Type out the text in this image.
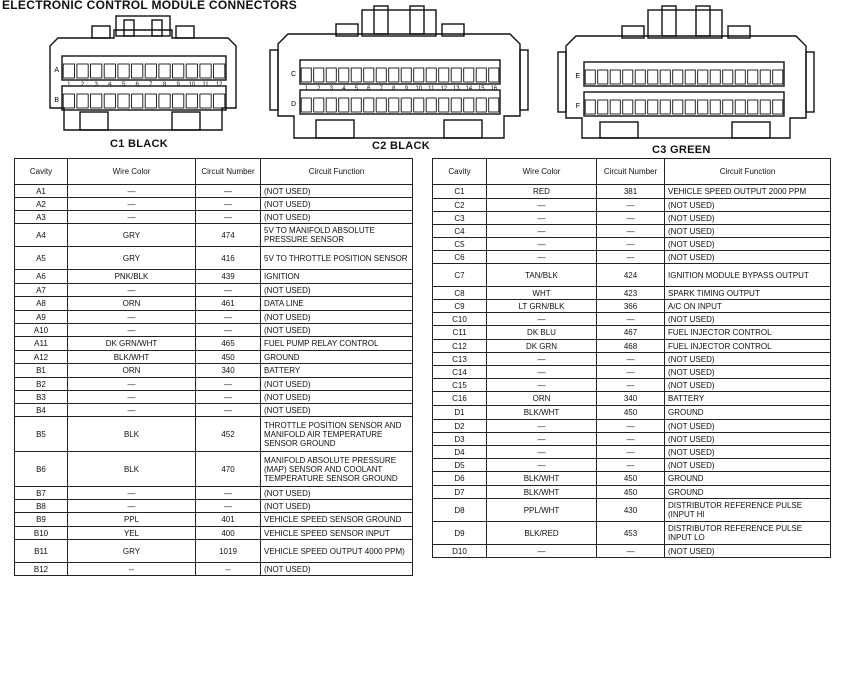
ELECTRONIC CONTROL MODULE CONNECTORS
1 2 3 4 5 6 7 8 9 10 11 12
A
B
C1 BLACK
1 2 3 4 5 6 7 8 9 10 11 12 13 14 15 16
C
D
C2 BLACK
E
F
C3 GREEN
Cavity	Wire Color	Circuit Number	Circuit Function
A1	—	—	(NOT USED)
A2	—	—	(NOT USED)
A3	—	—	(NOT USED)
A4	GRY	474	5V TO MANIFOLD ABSOLUTE PRESSURE SENSOR
A5	GRY	416	5V TO THROTTLE POSITION SENSOR
A6	PNK/BLK	439	IGNITION
A7	—	—	(NOT USED)
A8	ORN	461	DATA LINE
A9	—	—	(NOT USED)
A10	—	—	(NOT USED)
A11	DK GRN/WHT	465	FUEL PUMP RELAY CONTROL
A12	BLK/WHT	450	GROUND
B1	ORN	340	BATTERY
B2	—	—	(NOT USED)
B3	—	—	(NOT USED)
B4	—	—	(NOT USED)
B5	BLK	452	THROTTLE POSITION SENSOR AND MANIFOLD AIR TEMPERATURE SENSOR GROUND
B6	BLK	470	MANIFOLD ABSOLUTE PRESSURE (MAP) SENSOR AND COOLANT TEMPERATURE SENSOR GROUND
B7	—	—	(NOT USED)
B8	—	—	(NOT USED)
B9	PPL	401	VEHICLE SPEED SENSOR GROUND
B10	YEL	400	VEHICLE SPEED SENSOR INPUT
B11	GRY	1019	VEHICLE SPEED OUTPUT 4000 PPM)
B12	--	--	(NOT USED)
Cavity	Wire Color	Circuit Number	Circuit Function
C1	RED	381	VEHICLE SPEED OUTPUT 2000 PPM
C2	—	—	(NOT USED)
C3	—	—	(NOT USED)
C4	—	—	(NOT USED)
C5	—	—	(NOT USED)
C6	—	—	(NOT USED)
C7	TAN/BLK	424	IGNITION MODULE BYPASS OUTPUT
C8	WHT	423	SPARK TIMING OUTPUT
C9	LT GRN/BLK	366	A/C ON INPUT
C10	—	—	(NOT USED)
C11	DK BLU	467	FUEL INJECTOR CONTROL
C12	DK GRN	468	FUEL INJECTOR CONTROL
C13	—	—	(NOT USED)
C14	—	—	(NOT USED)
C15	—	—	(NOT USED)
C16	ORN	340	BATTERY
D1	BLK/WHT	450	GROUND
D2	—	—	(NOT USED)
D3	—	—	(NOT USED)
D4	—	—	(NOT USED)
D5	—	—	(NOT USED)
D6	BLK/WHT	450	GROUND
D7	BLK/WHT	450	GROUND
D8	PPL/WHT	430	DISTRIBUTOR REFERENCE PULSE (INPUT HI
D9	BLK/RED	453	DISTRIBUTOR REFERENCE PULSE INPUT LO
D10	—	—	(NOT USED)
